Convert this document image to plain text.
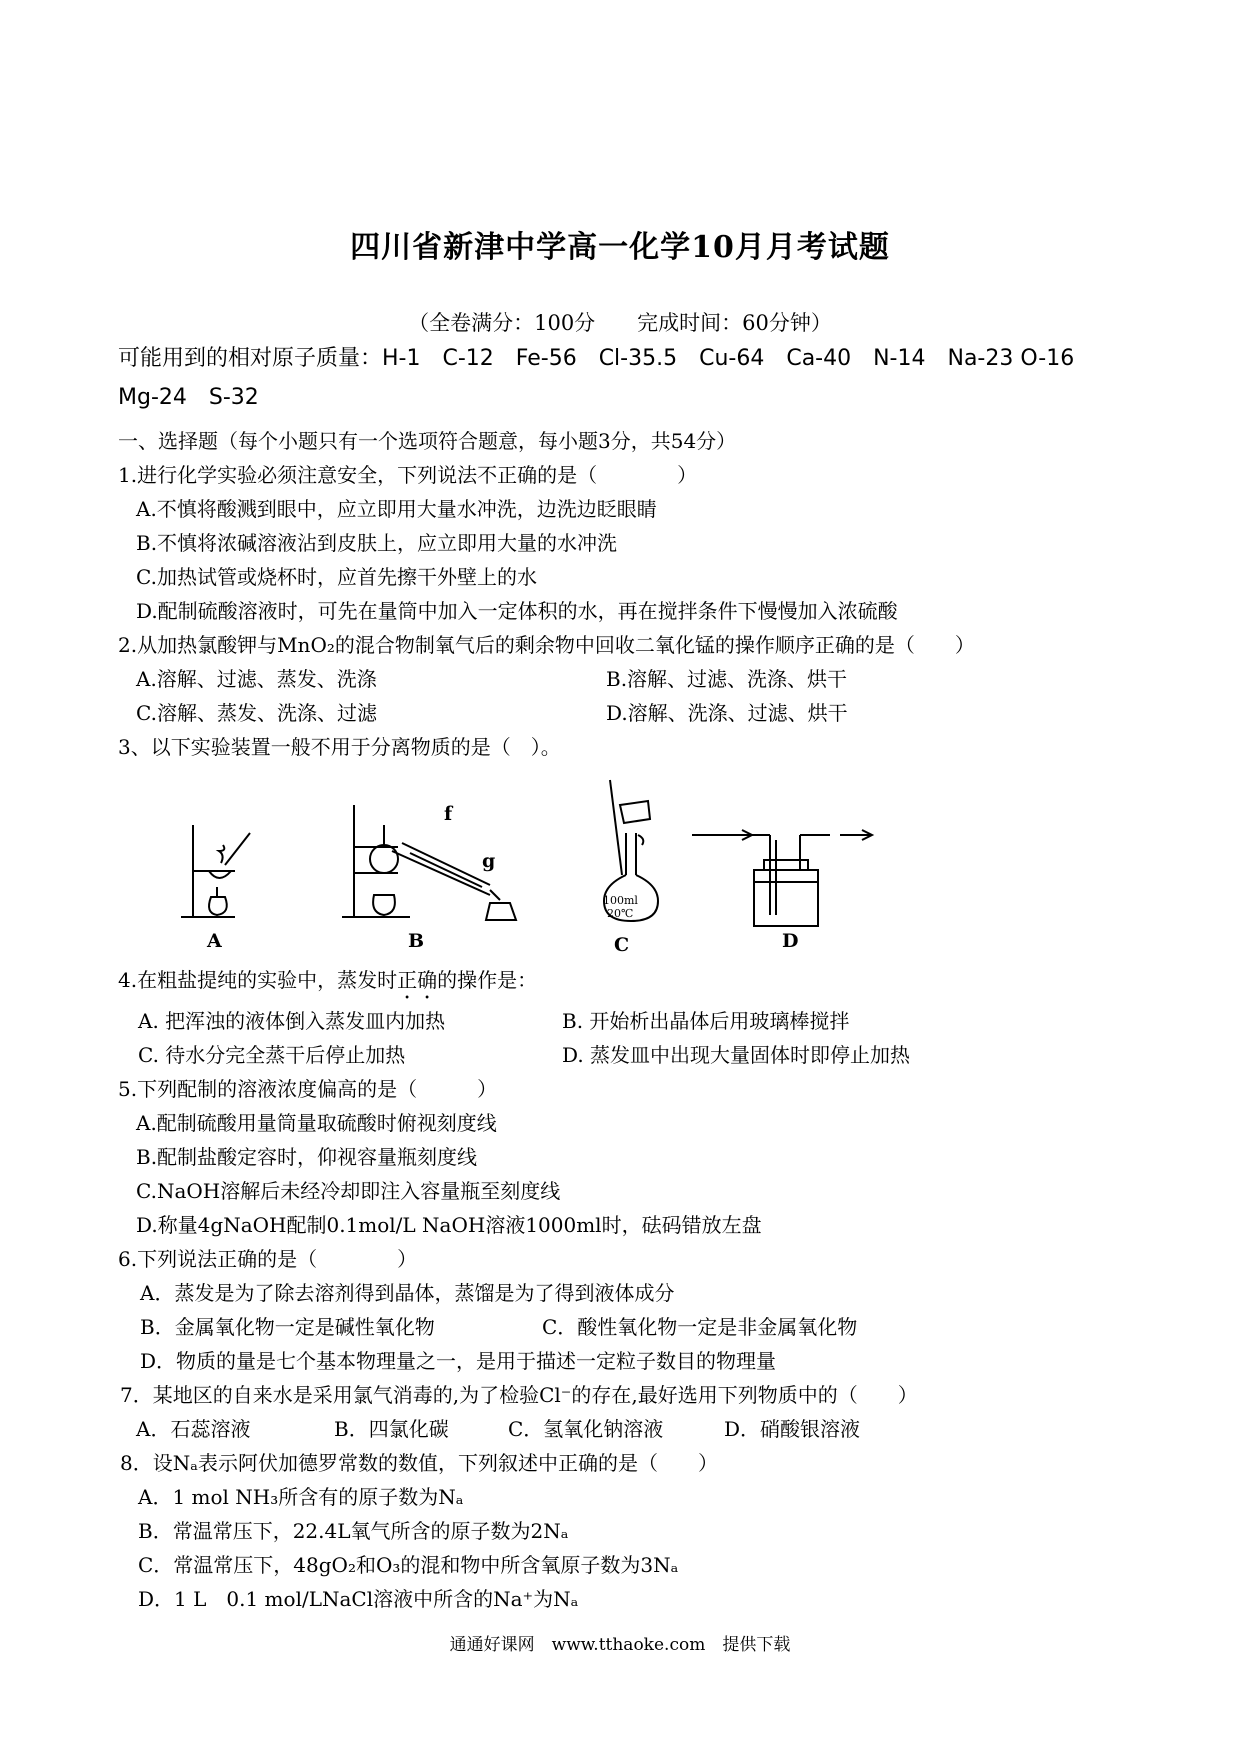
四川省新津中学高一化学10月月考试题
（全卷满分：100分　　完成时间：60分钟）
可能用到的相对原子质量：H-1　C-12　Fe-56　Cl-35.5　Cu-64　Ca-40　N-14　Na-23 O-16
Mg-24　S-32
一、选择题（每个小题只有一个选项符合题意，每小题3分，共54分）
1.进行化学实验必须注意安全，下列说法不正确的是（　　　　）
A.不慎将酸溅到眼中，应立即用大量水冲洗，边洗边眨眼睛
B.不慎将浓碱溶液沾到皮肤上，应立即用大量的水冲洗
C.加热试管或烧杯时，应首先擦干外壁上的水
D.配制硫酸溶液时，可先在量筒中加入一定体积的水，再在搅拌条件下慢慢加入浓硫酸
2.从加热氯酸钾与MnO₂的混合物制氧气后的剩余物中回收二氧化锰的操作顺序正确的是（　　）
A.溶解、过滤、蒸发、洗涤	B.溶解、过滤、洗涤、烘干
C.溶解、蒸发、洗涤、过滤	D.溶解、洗涤、过滤、烘干
3、以下实验装置一般不用于分离物质的是（　）。
A
f
g
B
100ml
20℃
C	D
4.在粗盐提纯的实验中，蒸发时正确的操作是：
A. 把浑浊的液体倒入蒸发皿内加热	B. 开始析出晶体后用玻璃棒搅拌
C. 待水分完全蒸干后停止加热	D. 蒸发皿中出现大量固体时即停止加热
5.下列配制的溶液浓度偏高的是（　　　）
A.配制硫酸用量筒量取硫酸时俯视刻度线
B.配制盐酸定容时，仰视容量瓶刻度线
C.NaOH溶解后未经冷却即注入容量瓶至刻度线
D.称量4gNaOH配制0.1mol/L NaOH溶液1000ml时，砝码错放左盘
6.下列说法正确的是（　　　　）
A．蒸发是为了除去溶剂得到晶体，蒸馏是为了得到液体成分
B．金属氧化物一定是碱性氧化物	C．酸性氧化物一定是非金属氧化物
D．物质的量是七个基本物理量之一，是用于描述一定粒子数目的物理量
7．某地区的自来水是采用氯气消毒的,为了检验Cl⁻的存在,最好选用下列物质中的（　　）
A．石蕊溶液	B．四氯化碳	C．氢氧化钠溶液	D．硝酸银溶液
8．设Nₐ表示阿伏加德罗常数的数值，下列叙述中正确的是（　　）
A．1 mol NH₃所含有的原子数为Nₐ
B．常温常压下，22.4L氧气所含的原子数为2Nₐ
C．常温常压下，48gO₂和O₃的混和物中所含氧原子数为3Nₐ
D．1 L　0.1 mol/LNaCl溶液中所含的Na⁺为Nₐ
通通好课网　www.tthaoke.com　提供下载
